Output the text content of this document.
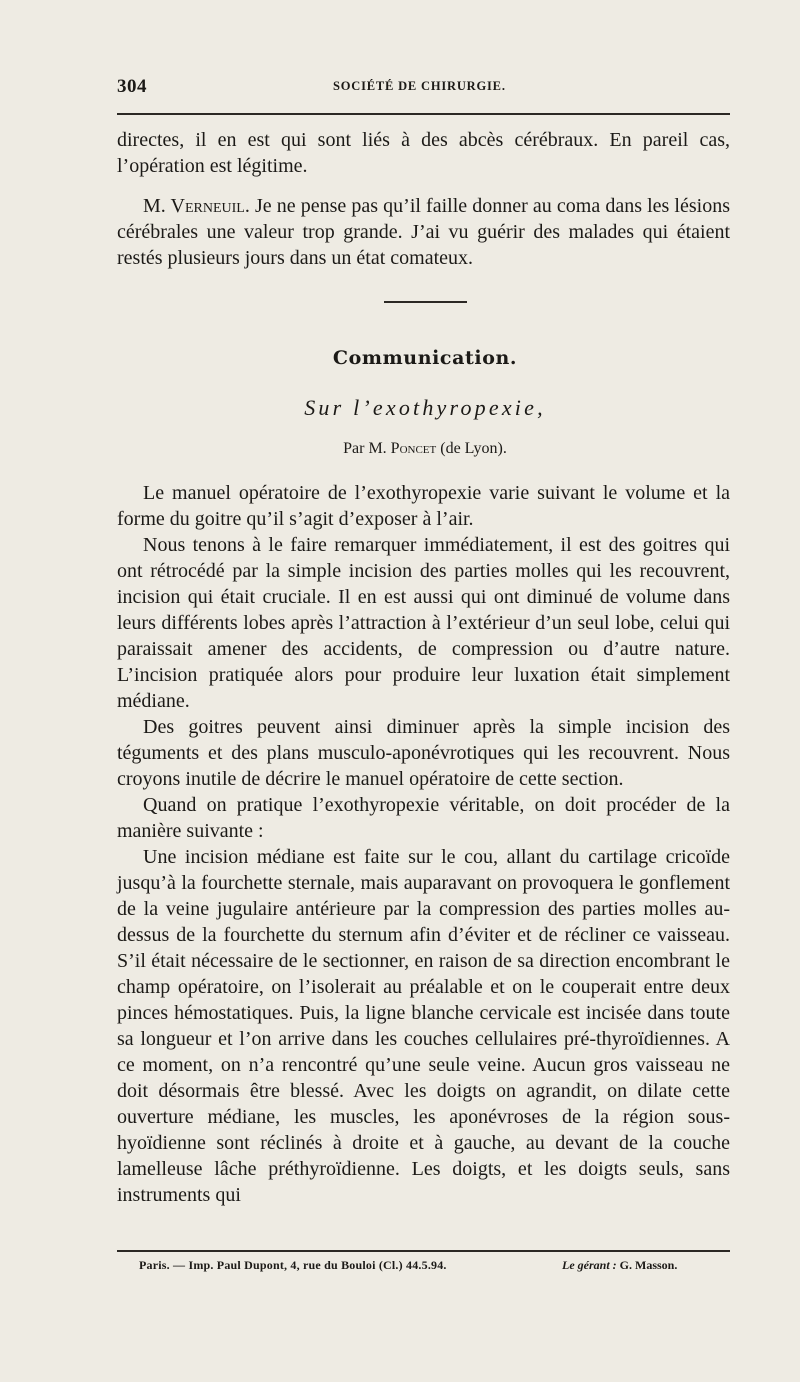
304	SOCIÉTÉ DE CHIRURGIE.

directes, il en est qui sont liés à des abcès cérébraux. En pareil cas, l’opération est légitime.

M. Verneuil. Je ne pense pas qu’il faille donner au coma dans les lésions cérébrales une valeur trop grande. J’ai vu guérir des malades qui étaient restés plusieurs jours dans un état comateux.

Communication.
Sur l’exothyropexie,
Par M. Poncet (de Lyon).

Le manuel opératoire de l’exothyropexie varie suivant le volume et la forme du goitre qu’il s’agit d’exposer à l’air.

Nous tenons à le faire remarquer immédiatement, il est des goitres qui ont rétrocédé par la simple incision des parties molles qui les recouvrent, incision qui était cruciale. Il en est aussi qui ont diminué de volume dans leurs différents lobes après l’attraction à l’extérieur d’un seul lobe, celui qui paraissait amener des accidents, de compression ou d’autre nature. L’incision pratiquée alors pour produire leur luxation était simplement médiane.

Des goitres peuvent ainsi diminuer après la simple incision des téguments et des plans musculo-aponévrotiques qui les recouvrent. Nous croyons inutile de décrire le manuel opératoire de cette section.

Quand on pratique l’exothyropexie véritable, on doit procéder de la manière suivante :

Une incision médiane est faite sur le cou, allant du cartilage cricoïde jusqu’à la fourchette sternale, mais auparavant on provoquera le gonflement de la veine jugulaire antérieure par la compression des parties molles au-dessus de la fourchette du sternum afin d’éviter et de récliner ce vaisseau. S’il était nécessaire de le sectionner, en raison de sa direction encombrant le champ opératoire, on l’isolerait au préalable et on le couperait entre deux pinces hémostatiques. Puis, la ligne blanche cervicale est incisée dans toute sa longueur et l’on arrive dans les couches cellulaires pré-thyroïdiennes. A ce moment, on n’a rencontré qu’une seule veine. Aucun gros vaisseau ne doit désormais être blessé. Avec les doigts on agrandit, on dilate cette ouverture médiane, les muscles, les aponévroses de la région sous-hyoïdienne sont réclinés à droite et à gauche, au devant de la couche lamelleuse lâche préthyroïdienne. Les doigts, et les doigts seuls, sans instruments qui

Paris. — Imp. Paul Dupont, 4, rue du Bouloi (Cl.) 44.5.94.	Le gérant : G. Masson.
